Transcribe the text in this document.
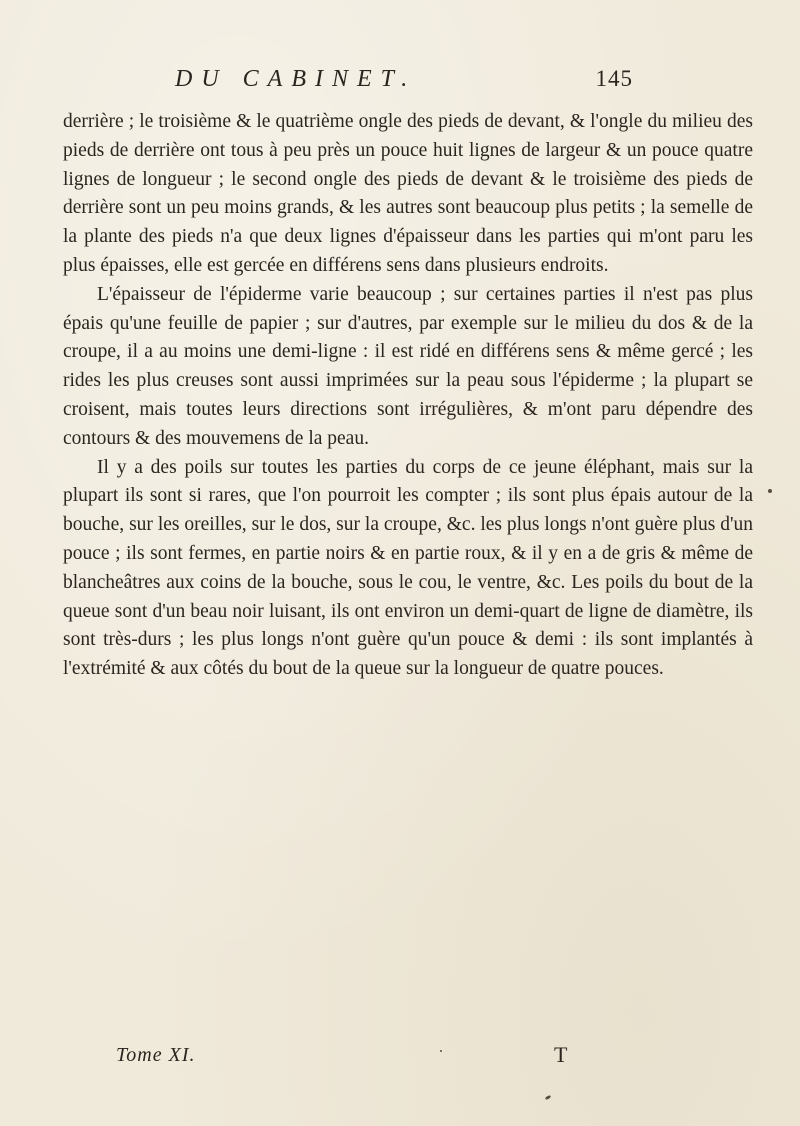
DU CABINET.	145

derrière ; le troisième & le quatrième ongle des pieds de devant, & l'ongle du milieu des pieds de derrière ont tous à peu près un pouce huit lignes de largeur & un pouce quatre lignes de longueur ; le second ongle des pieds de devant & le troisième des pieds de derrière sont un peu moins grands, & les autres sont beaucoup plus petits ; la semelle de la plante des pieds n'a que deux lignes d'épaisseur dans les parties qui m'ont paru les plus épaisses, elle est gercée en différens sens dans plusieurs endroits.

L'épaisseur de l'épiderme varie beaucoup ; sur certaines parties il n'est pas plus épais qu'une feuille de papier ; sur d'autres, par exemple sur le milieu du dos & de la croupe, il a au moins une demi-ligne : il est ridé en différens sens & même gercé ; les rides les plus creuses sont aussi imprimées sur la peau sous l'épiderme ; la plupart se croisent, mais toutes leurs directions sont irrégulières, & m'ont paru dépendre des contours & des mouvemens de la peau.

Il y a des poils sur toutes les parties du corps de ce jeune éléphant, mais sur la plupart ils sont si rares, que l'on pourroit les compter ; ils sont plus épais autour de la bouche, sur les oreilles, sur le dos, sur la croupe, &c. les plus longs n'ont guère plus d'un pouce ; ils sont fermes, en partie noirs & en partie roux, & il y en a de gris & même de blancheâtres aux coins de la bouche, sous le cou, le ventre, &c. Les poils du bout de la queue sont d'un beau noir luisant, ils ont environ un demi-quart de ligne de diamètre, ils sont très-durs ; les plus longs n'ont guère qu'un pouce & demi : ils sont implantés à l'extrémité & aux côtés du bout de la queue sur la longueur de quatre pouces.

Tome XI.	T
